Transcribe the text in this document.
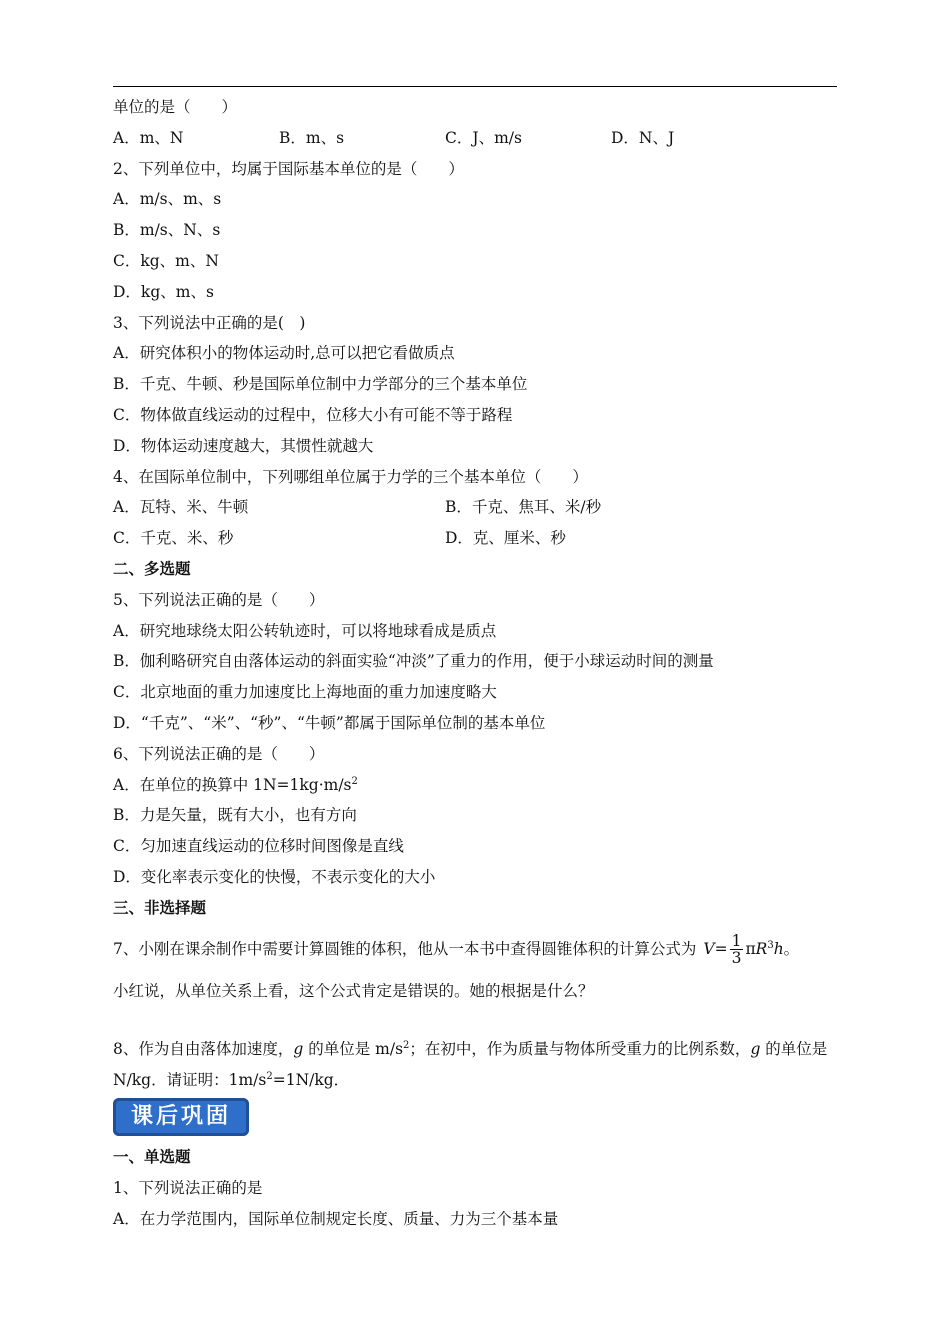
单位的是（　　）
A．m、N	B．m、s	C．J、m/s	D．N、J
2、下列单位中，均属于国际基本单位的是（　　）
A．m/s、m、s
B．m/s、N、s
C．kg、m、N
D．kg、m、s
3、下列说法中正确的是(　)
A．研究体积小的物体运动时,总可以把它看做质点
B．千克、牛顿、秒是国际单位制中力学部分的三个基本单位
C．物体做直线运动的过程中，位移大小有可能不等于路程
D．物体运动速度越大，其惯性就越大
4、在国际单位制中，下列哪组单位属于力学的三个基本单位（　　）
A．瓦特、米、牛顿	B．千克、焦耳、米/秒
C．千克、米、秒	D．克、厘米、秒
二、多选题
5、下列说法正确的是（　　）
A．研究地球绕太阳公转轨迹时，可以将地球看成是质点
B．伽利略研究自由落体运动的斜面实验“冲淡”了重力的作用，便于小球运动时间的测量
C．北京地面的重力加速度比上海地面的重力加速度略大
D．“千克”、“米”、“秒”、“牛顿”都属于国际单位制的基本单位
6、下列说法正确的是（　　）
A．在单位的换算中 $1N=1kg\cdot m/s^2$
B．力是矢量，既有大小，也有方向
C．匀加速直线运动的位移时间图像是直线
D．变化率表示变化的快慢，不表示变化的大小
三、非选择题
7、小刚在课余制作中需要计算圆锥的体积，他从一本书中查得圆锥体积的计算公式为 $V= \frac{1}{3} \pi R^3h$。
小红说，从单位关系上看，这个公式肯定是错误的。她的根据是什么？
8、作为自由落体加速度，g 的单位是 $m/s^2$；在初中，作为质量与物体所受重力的比例系数，g 的单位是 N/kg．请证明：$1m/s^2=1N/kg$．
课后巩固
一、单选题
1、下列说法正确的是
A．在力学范围内，国际单位制规定长度、质量、力为三个基本量
